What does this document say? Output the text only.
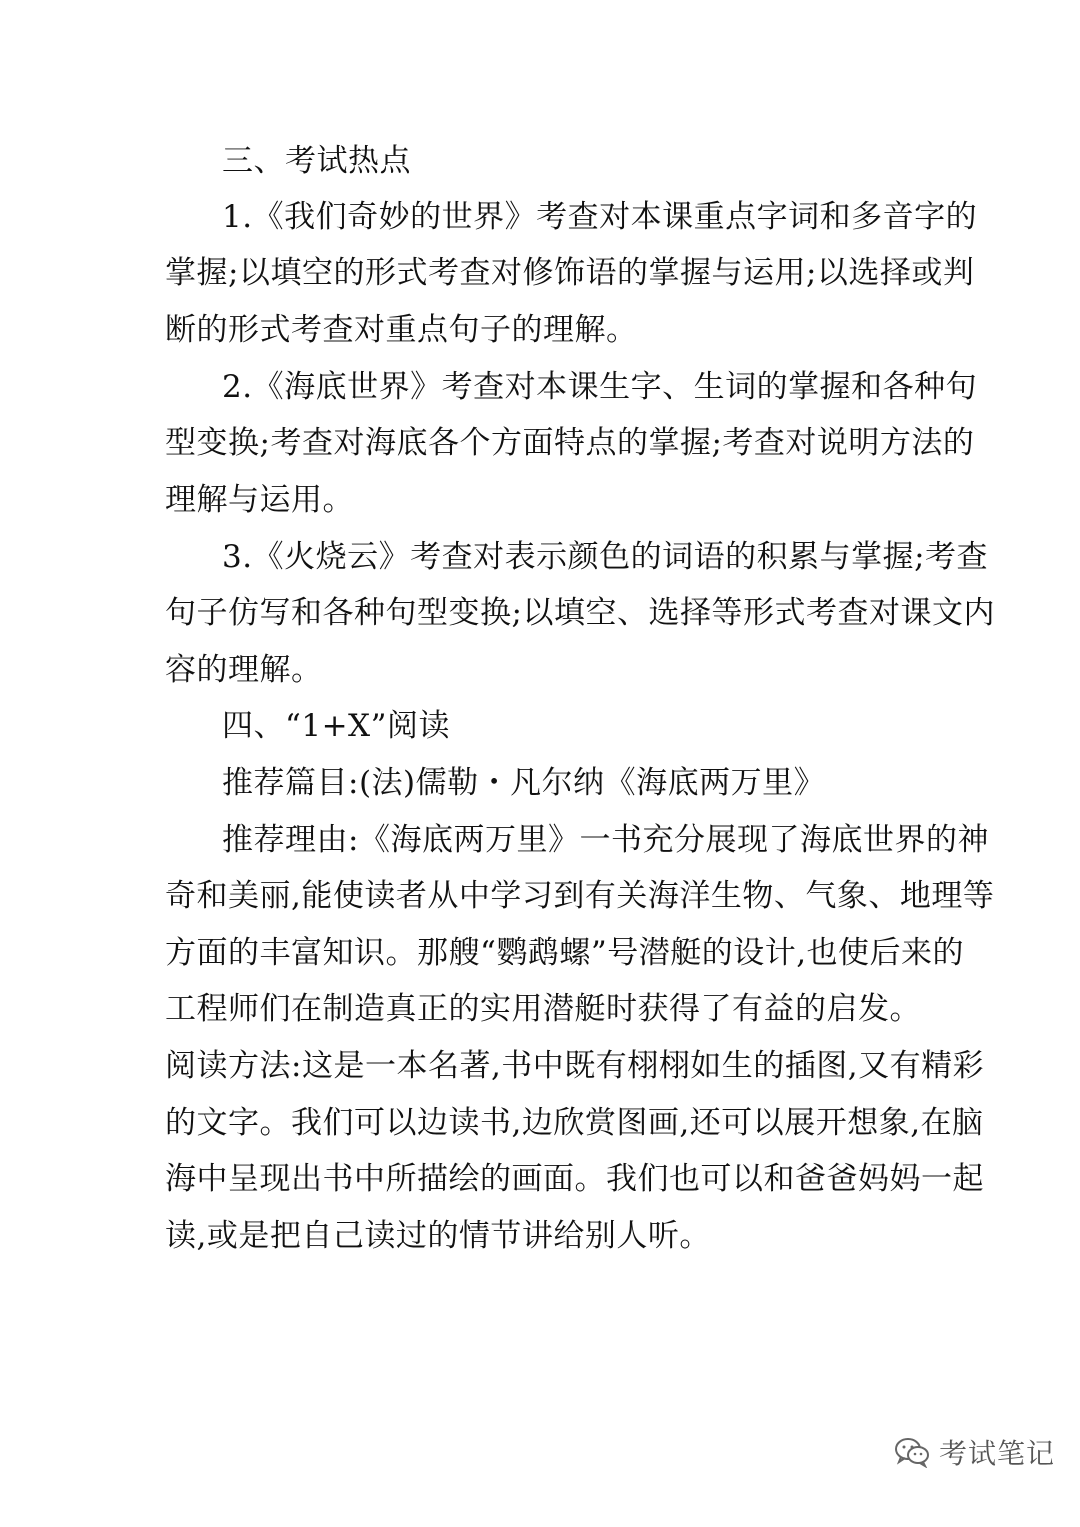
三、考试热点
1.《我们奇妙的世界》考查对本课重点字词和多音字的
掌握;以填空的形式考查对修饰语的掌握与运用;以选择或判
断的形式考查对重点句子的理解。
2.《海底世界》考查对本课生字、生词的掌握和各种句
型变换;考查对海底各个方面特点的掌握;考查对说明方法的
理解与运用。
3.《火烧云》考查对表示颜色的词语的积累与掌握;考查
句子仿写和各种句型变换;以填空、选择等形式考查对课文内
容的理解。
四、“1+X”阅读
推荐篇目:(法)儒勒・凡尔纳《海底两万里》
推荐理由:《海底两万里》一书充分展现了海底世界的神
奇和美丽,能使读者从中学习到有关海洋生物、气象、地理等
方面的丰富知识。那艘“鹦鹉螺”号潜艇的设计,也使后来的
工程师们在制造真正的实用潜艇时获得了有益的启发。
阅读方法:这是一本名著,书中既有栩栩如生的插图,又有精彩
的文字。我们可以边读书,边欣赏图画,还可以展开想象,在脑
海中呈现出书中所描绘的画面。我们也可以和爸爸妈妈一起
读,或是把自己读过的情节讲给别人听。
考试笔记
